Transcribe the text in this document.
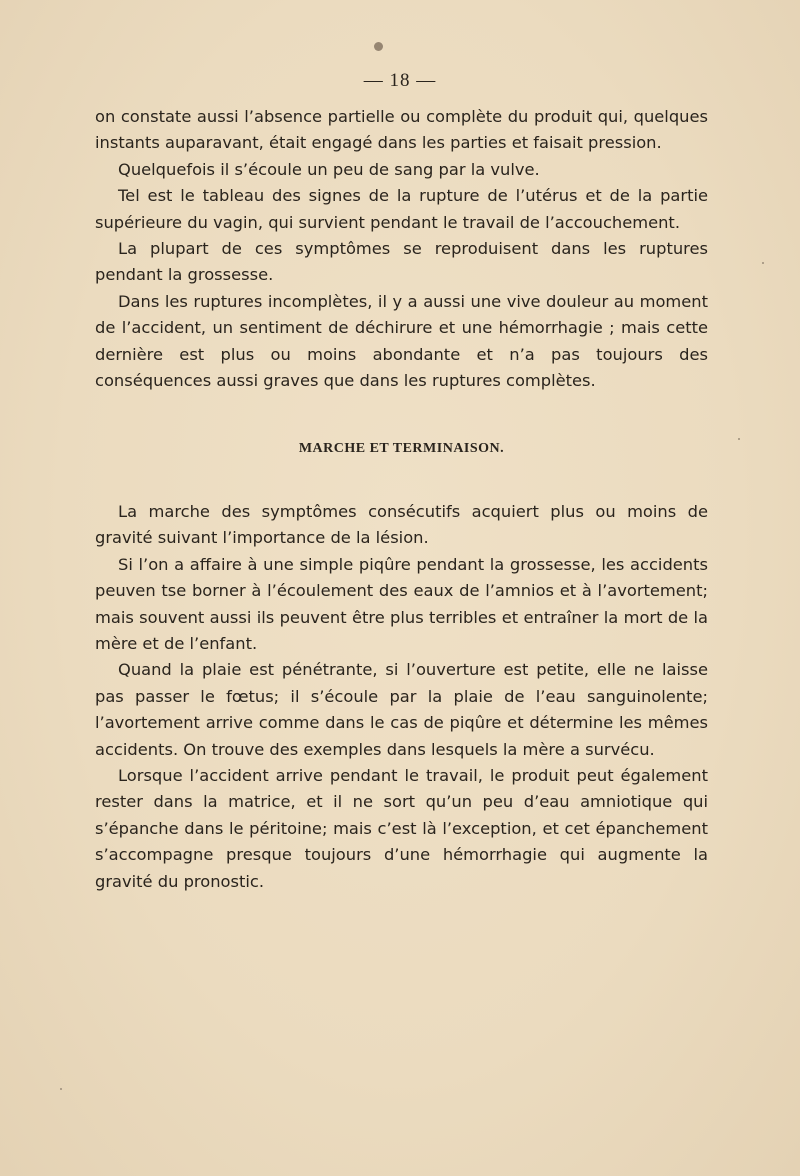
— 18 —

on constate aussi l’absence partielle ou complète du produit qui, quelques instants auparavant, était engagé dans les parties et faisait pression.

Quelquefois il s’écoule un peu de sang par la vulve.

Tel est le tableau des signes de la rupture de l’utérus et de la partie supérieure du vagin, qui survient pendant le travail de l’accouchement.

La plupart de ces symptômes se reproduisent dans les ruptures pendant la grossesse.

Dans les ruptures incomplètes, il y a aussi une vive douleur au moment de l’accident, un sentiment de déchirure et une hémorrhagie ; mais cette dernière est plus ou moins abondante et n’a pas toujours des conséquences aussi graves que dans les ruptures complètes.

MARCHE ET TERMINAISON.

La marche des symptômes consécutifs acquiert plus ou moins de gravité suivant l’importance de la lésion.

Si l’on a affaire à une simple piqûre pendant la grossesse, les accidents peuven tse borner à l’écoulement des eaux de l’amnios et à l’avortement; mais souvent aussi ils peuvent être plus terribles et entraîner la mort de la mère et de l’enfant.

Quand la plaie est pénétrante, si l’ouverture est petite, elle ne laisse pas passer le fœtus; il s’écoule par la plaie de l’eau sanguinolente; l’avortement arrive comme dans le cas de piqûre et détermine les mêmes accidents. On trouve des exemples dans lesquels la mère a survécu.

Lorsque l’accident arrive pendant le travail, le produit peut également rester dans la matrice, et il ne sort qu’un peu d’eau amniotique qui s’épanche dans le péritoine; mais c’est là l’exception, et cet épanchement s’accompagne presque toujours d’une hémorrhagie qui augmente la gravité du pronostic.
